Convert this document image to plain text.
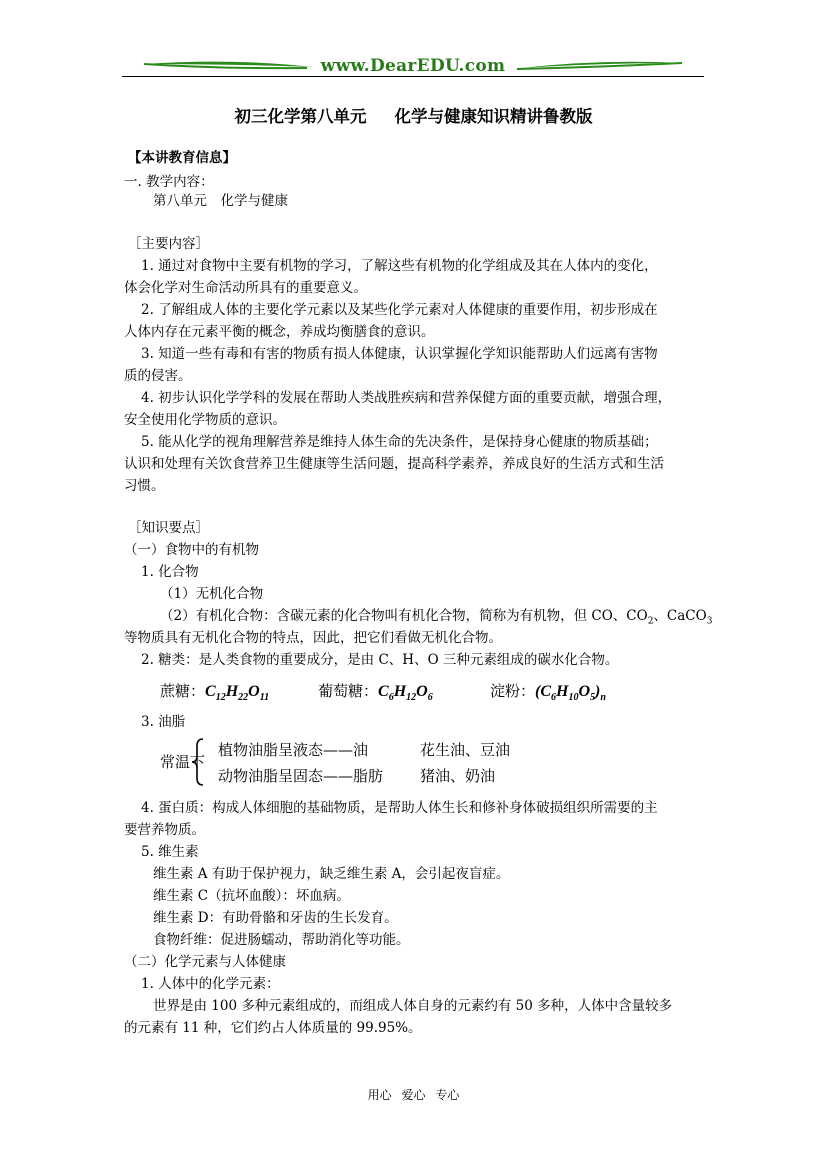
www.DearEDU.com
初三化学第八单元 化学与健康知识精讲鲁教版
【本讲教育信息】
一. 教学内容：
第八单元　化学与健康
［主要内容］
1. 通过对食物中主要有机物的学习，了解这些有机物的化学组成及其在人体内的变化，
体会化学对生命活动所具有的重要意义。
2. 了解组成人体的主要化学元素以及某些化学元素对人体健康的重要作用，初步形成在
人体内存在元素平衡的概念，养成均衡膳食的意识。
3. 知道一些有毒和有害的物质有损人体健康，认识掌握化学知识能帮助人们远离有害物
质的侵害。
4. 初步认识化学学科的发展在帮助人类战胜疾病和营养保健方面的重要贡献，增强合理，
安全使用化学物质的意识。
5. 能从化学的视角理解营养是维持人体生命的先决条件，是保持身心健康的物质基础；
认识和处理有关饮食营养卫生健康等生活问题，提高科学素养，养成良好的生活方式和生活
习惯。
［知识要点］
（一）食物中的有机物
1. 化合物
（1）无机化合物
（2）有机化合物：含碳元素的化合物叫有机化合物，简称为有机物，但 CO、$CO_2$、CaCO$_3$
等物质具有无机化合物的特点，因此，把它们看做无机化合物。
2. 糖类：是人类食物的重要成分，是由 C、H、O 三种元素组成的碳水化合物。
蔗糖：$C_{12}H_{22}O_{11}$	葡萄糖：$C_6H_{12}O_6$	淀粉：$(C_6H_{10}O_5)_n$
3. 油脂
常温下
植物油脂呈液态——油	花生油、豆油
动物油脂呈固态——脂肪 猪油、奶油
4. 蛋白质：构成人体细胞的基础物质，是帮助人体生长和修补身体破损组织所需要的主
要营养物质。
5. 维生素
维生素 A 有助于保护视力，缺乏维生素 A，会引起夜盲症。
维生素 C（抗坏血酸）：坏血病。
维生素 D：有助骨骼和牙齿的生长发育。
食物纤维：促进肠蠕动，帮助消化等功能。
（二）化学元素与人体健康
1. 人体中的化学元素：
世界是由 100 多种元素组成的，而组成人体自身的元素约有 50 多种，人体中含量较多
的元素有 11 种，它们约占人体质量的 99.95%。
用心 爱心 专心
